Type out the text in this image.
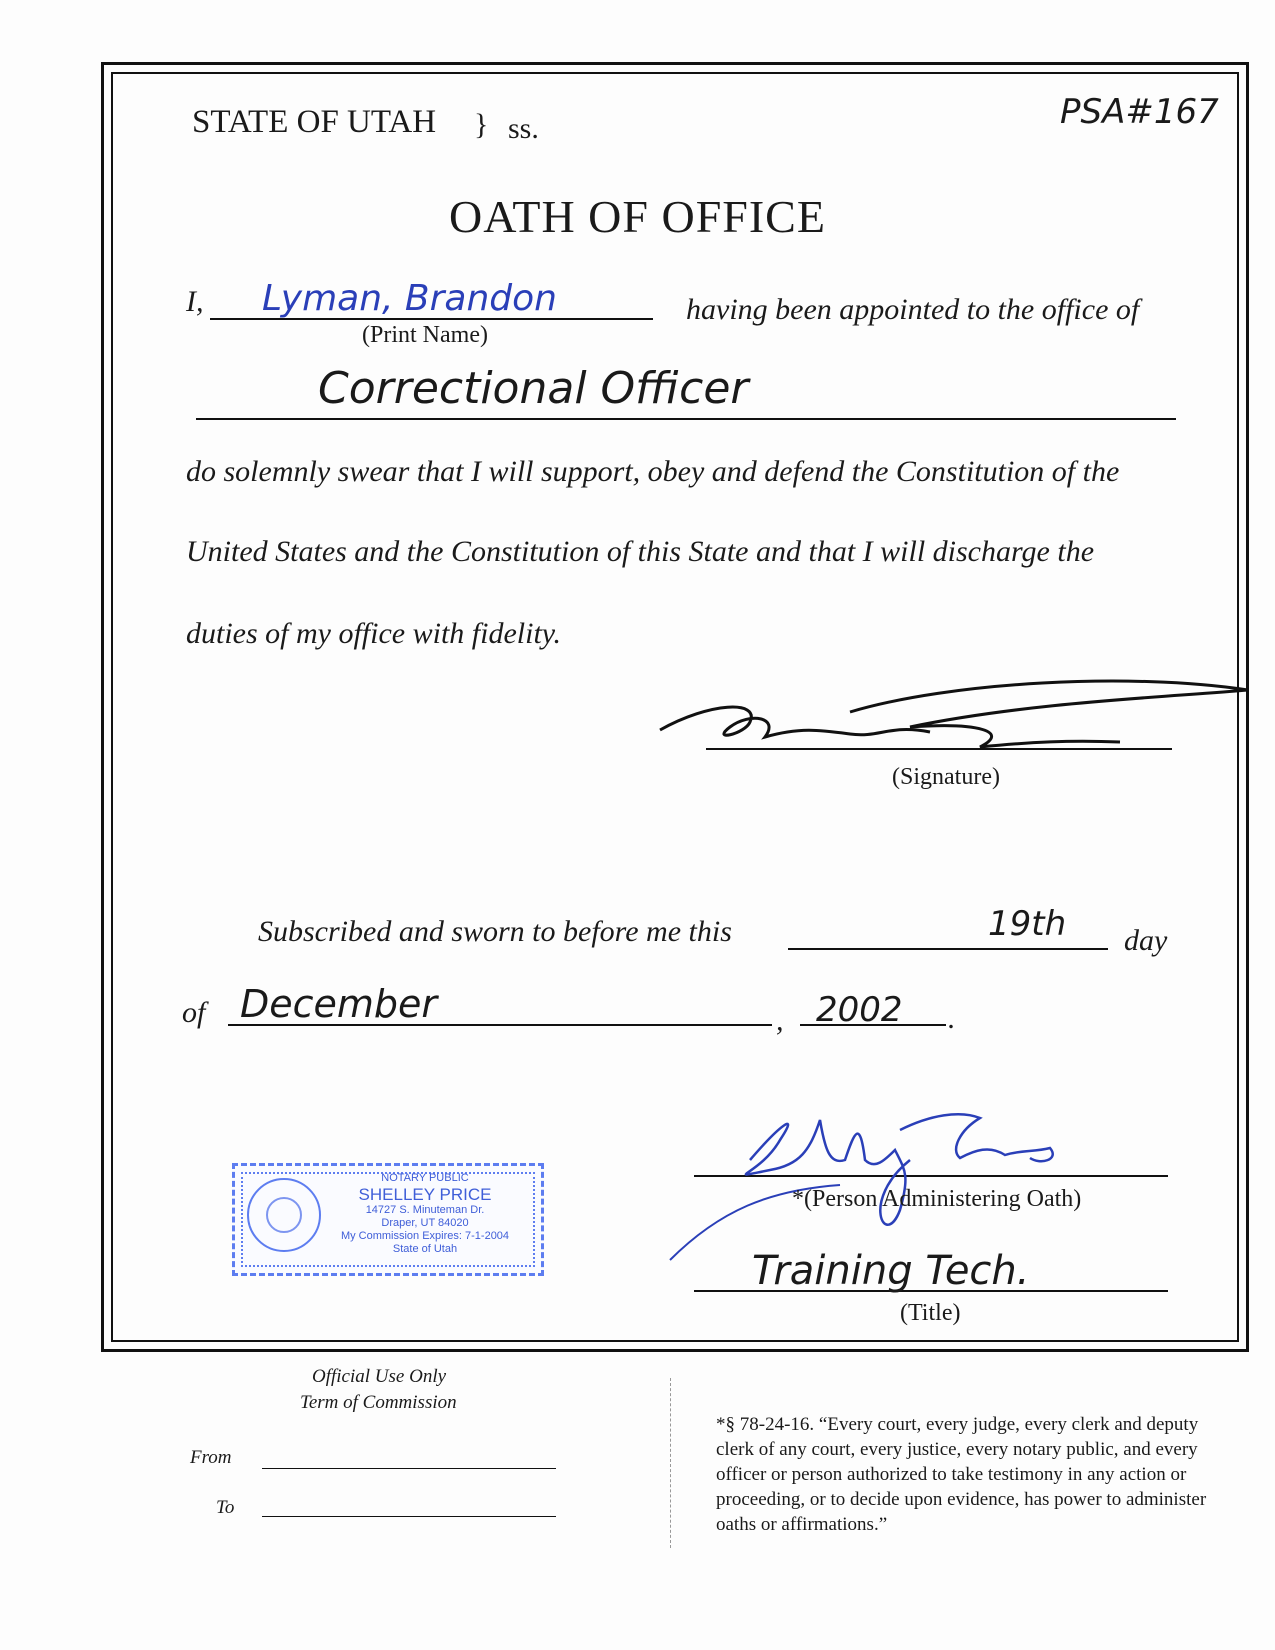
STATE OF UTAH } ss.	PSA#167
OATH OF OFFICE
I, Lyman, Brandon
(Print Name)
having been appointed to the office of
Correctional Officer
do solemnly swear that I will support, obey and defend the Constitution of the
United States and the Constitution of this State and that I will discharge the
duties of my office with fidelity.
(Signature)
Subscribed and sworn to before me this	19th day
of December	, 2002 .
*(Person Administering Oath)
Training Tech.
(Title)
NOTARY PUBLIC
SHELLEY PRICE
14727 S. Minuteman Dr.
Draper, UT 84020
My Commission Expires: 7-1-2004
State of Utah
Official Use Only
Term of Commission
From
To
*§ 78-24-16. “Every court, every judge, every clerk and deputy clerk of any court, every justice, every notary public, and every officer or person authorized to take testimony in any action or proceeding, or to decide upon evidence, has power to administer oaths or affirmations.”
